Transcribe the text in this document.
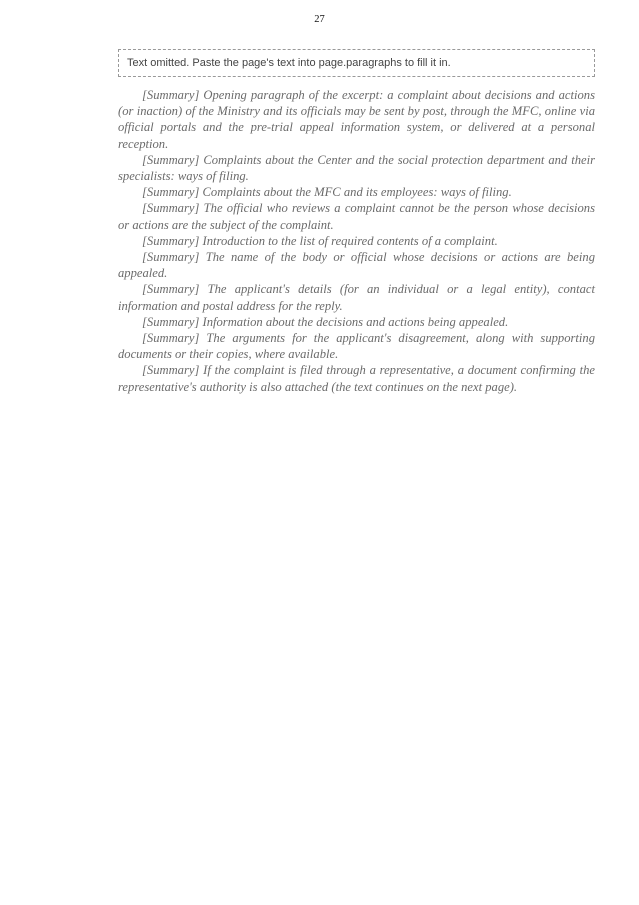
27
Text omitted. Paste the page's text into page.paragraphs to fill it in.

[Summary] Opening paragraph of the excerpt: a complaint about decisions and actions (or inaction) of the Ministry and its officials may be sent by post, through the MFC, online via official portals and the pre-trial appeal information system, or delivered at a personal reception.

[Summary] Complaints about the Center and the social protection department and their specialists: ways of filing.

[Summary] Complaints about the MFC and its employees: ways of filing.

[Summary] The official who reviews a complaint cannot be the person whose decisions or actions are the subject of the complaint.

[Summary] Introduction to the list of required contents of a complaint.

[Summary] The name of the body or official whose decisions or actions are being appealed.

[Summary] The applicant's details (for an individual or a legal entity), contact information and postal address for the reply.

[Summary] Information about the decisions and actions being appealed.

[Summary] The arguments for the applicant's disagreement, along with supporting documents or their copies, where available.

[Summary] If the complaint is filed through a representative, a document confirming the representative's authority is also attached (the text continues on the next page).
